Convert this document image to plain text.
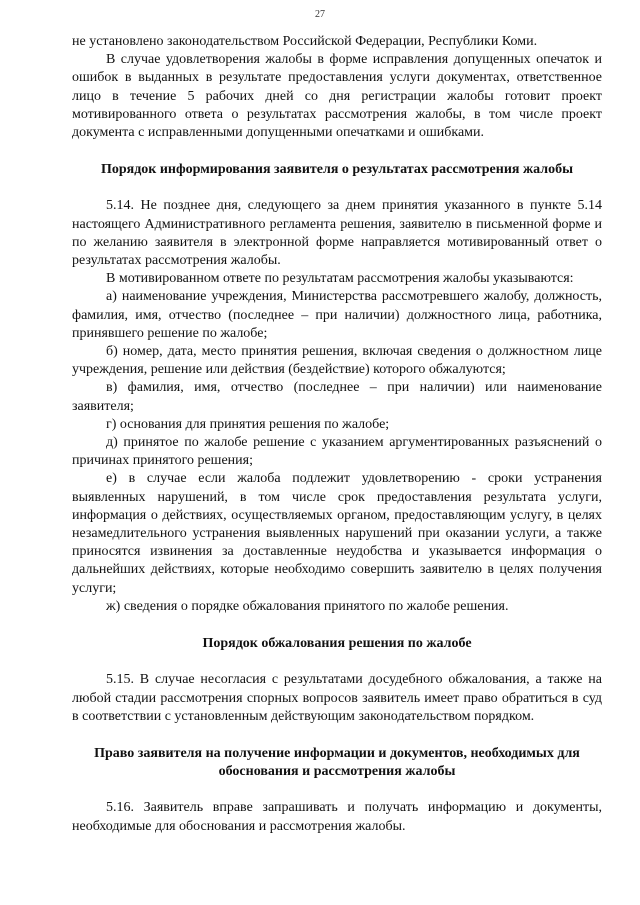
27

не установлено законодательством Российской Федерации, Республики Коми.

В случае удовлетворения жалобы в форме исправления допущенных опечаток и ошибок в выданных в результате предоставления услуги документах, ответственное лицо в течение 5 рабочих дней со дня регистрации жалобы готовит проект мотивированного ответа о результатах рассмотрения жалобы, в том числе проект документа с исправленными допущенными опечатками и ошибками.

Порядок информирования заявителя о результатах рассмотрения жалобы

5.14. Не позднее дня, следующего за днем принятия указанного в пункте 5.14 настоящего Административного регламента решения, заявителю в письменной форме и по желанию заявителя в электронной форме направляется мотивированный ответ о результатах рассмотрения жалобы.

В мотивированном ответе по результатам рассмотрения жалобы указываются:

а) наименование учреждения, Министерства рассмотревшего жалобу, должность, фамилия, имя, отчество (последнее – при наличии) должностного лица, работника, принявшего решение по жалобе;

б) номер, дата, место принятия решения, включая сведения о должностном лице учреждения, решение или действия (бездействие) которого обжалуются;

в) фамилия, имя, отчество (последнее – при наличии) или наименование заявителя;

г) основания для принятия решения по жалобе;

д) принятое по жалобе решение с указанием аргументированных разъяснений о причинах принятого решения;

е) в случае если жалоба подлежит удовлетворению - сроки устранения выявленных нарушений, в том числе срок предоставления результата услуги, информация о действиях, осуществляемых органом, предоставляющим услугу, в целях незамедлительного устранения выявленных нарушений при оказании услуги, а также приносятся извинения за доставленные неудобства и указывается информация о дальнейших действиях, которые необходимо совершить заявителю в целях получения услуги;

ж) сведения о порядке обжалования принятого по жалобе решения.

Порядок обжалования решения по жалобе

5.15. В случае несогласия с результатами досудебного обжалования, а также на любой стадии рассмотрения спорных вопросов заявитель имеет право обратиться в суд в соответствии с установленным действующим законодательством порядком.

Право заявителя на получение информации и документов, необходимых для обоснования и рассмотрения жалобы

5.16. Заявитель вправе запрашивать и получать информацию и документы, необходимые для обоснования и рассмотрения жалобы.
